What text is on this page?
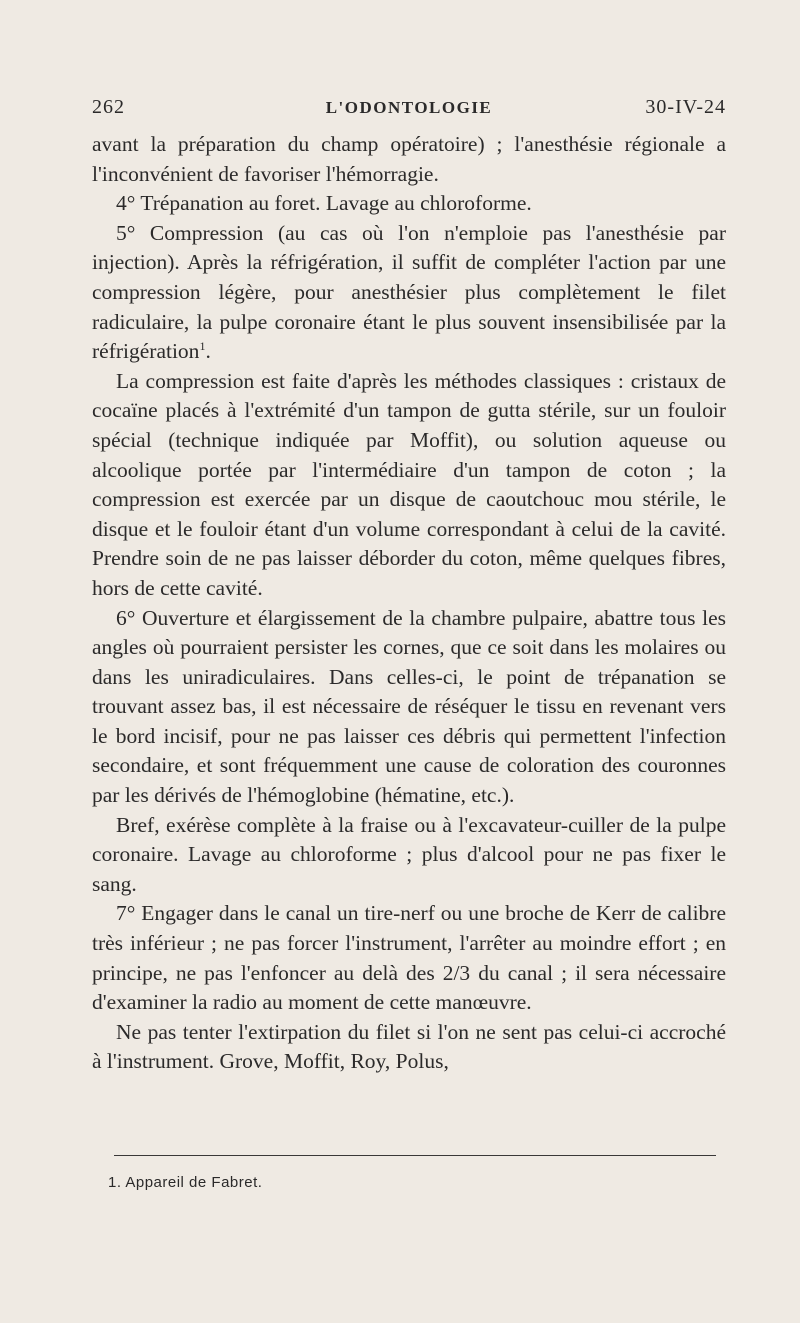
262	L'ODONTOLOGIE	30-IV-24

avant la préparation du champ opératoire) ; l'anesthésie régionale a l'inconvénient de favoriser l'hémorragie.

4° Trépanation au foret. Lavage au chloroforme.

5° Compression (au cas où l'on n'emploie pas l'anesthésie par injection). Après la réfrigération, il suffit de compléter l'action par une compression légère, pour anesthésier plus complètement le filet radiculaire, la pulpe coronaire étant le plus souvent insensibilisée par la réfrigération$^1$.

La compression est faite d'après les méthodes classiques : cristaux de cocaïne placés à l'extrémité d'un tampon de gutta stérile, sur un fouloir spécial (technique indiquée par Moffit), ou solution aqueuse ou alcoolique portée par l'intermédiaire d'un tampon de coton ; la compression est exercée par un disque de caoutchouc mou stérile, le disque et le fouloir étant d'un volume correspondant à celui de la cavité. Prendre soin de ne pas laisser déborder du coton, même quelques fibres, hors de cette cavité.

6° Ouverture et élargissement de la chambre pulpaire, abattre tous les angles où pourraient persister les cornes, que ce soit dans les molaires ou dans les uniradiculaires. Dans celles-ci, le point de trépanation se trouvant assez bas, il est nécessaire de réséquer le tissu en revenant vers le bord incisif, pour ne pas laisser ces débris qui permettent l'infection secondaire, et sont fréquemment une cause de coloration des couronnes par les dérivés de l'hémoglobine (hématine, etc.).

Bref, exérèse complète à la fraise ou à l'excavateur-cuiller de la pulpe coronaire. Lavage au chloroforme ; plus d'alcool pour ne pas fixer le sang.

7° Engager dans le canal un tire-nerf ou une broche de Kerr de calibre très inférieur ; ne pas forcer l'instrument, l'arrêter au moindre effort ; en principe, ne pas l'enfoncer au delà des 2/3 du canal ; il sera nécessaire d'examiner la radio au moment de cette manœuvre.

Ne pas tenter l'extirpation du filet si l'on ne sent pas celui-ci accroché à l'instrument. Grove, Moffit, Roy, Polus,

1. Appareil de Fabret.
